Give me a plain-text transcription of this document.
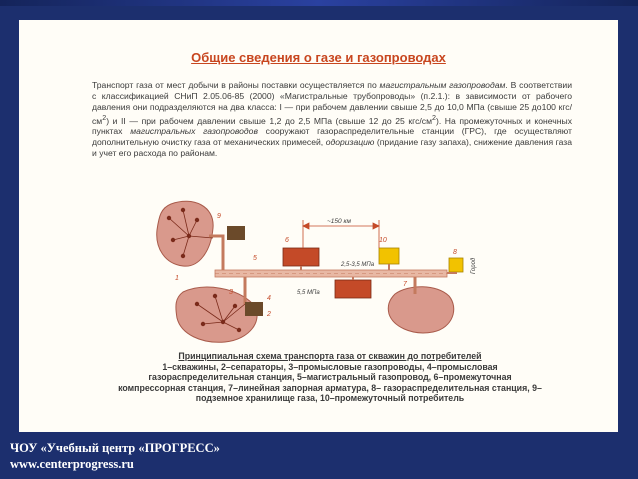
Общие сведения о газе и газопроводах
Транспорт газа от мест добычи в районы поставки осуществляется по магистральным газопроводам. В соответствии с классификацией СНиП 2.05.06-85 (2000) «Магистральные трубопроводы» (п.2.1.): в зависимости от рабочего давления они подразделяются на два класса: I — при рабочем давлении свыше 2,5 до 10,0 МПа (свыше 25 до100 кгс/$см^2$) и II — при рабочем давлении свыше 1,2 до 2,5 МПа (свыше 12 до 25 кгс/$см^2$). На промежуточных и конечных пунктах магистральных газопроводов сооружают газораспределительные станции (ГРС), где осуществляют дополнительную очистку газа от механических примесей, одоризацию (придание газу запаха), снижение давления газа и учет его расхода по районам.
~150 км
2,5-3,5 МПа
5,5 МПа
Город
1
2
3
4
5
6
7
8
9
10
Принципиальная схема транспорта газа от скважин до потребителей
1–скважины, 2–сепараторы, 3–промысловые газопроводы, 4–промысловая
газораспределительная станция, 5–магистральный газопровод, 6–промежуточная
компрессорная станция, 7–линейная запорная арматура, 8– газораспределительная станция, 9–
подземное хранилище газа, 10–промежуточный потребитель
ЧОУ «Учебный центр «ПРОГРЕСС»
www.centerprogress.ru
